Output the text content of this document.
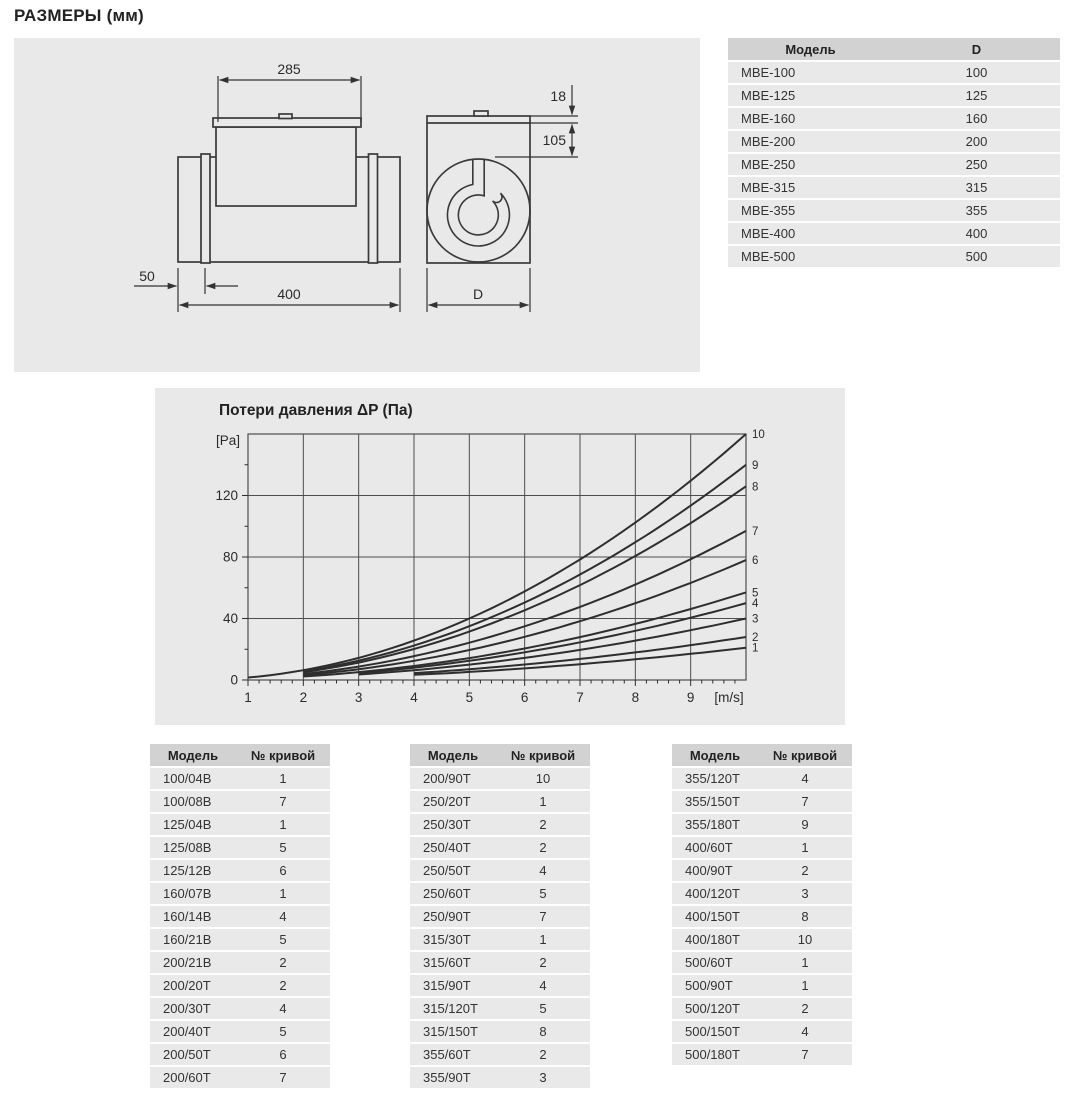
РАЗМЕРЫ (мм)
285
400
50
18
105
D
Модель	D
MBE-100	100
MBE-125	125
MBE-160	160
MBE-200	200
MBE-250	250
MBE-315	315
MBE-355	355
MBE-400	400
MBE-500	500
Потери давления ΔP (Па)
1	2	3	4	5	6	7	8	9
0
40
80
120
[Pa]
[m/s]
1
2
3
4
5
6
7
8
9
10
Модель	№ кривой
100/04B	1
100/08B	7
125/04B	1
125/08B	5
125/12B	6
160/07B	1
160/14B	4
160/21B	5
200/21B	2
200/20T	2
200/30T	4
200/40T	5
200/50T	6
200/60T	7
Модель	№ кривой
200/90T	10
250/20T	1
250/30T	2
250/40T	2
250/50T	4
250/60T	5
250/90T	7
315/30T	1
315/60T	2
315/90T	4
315/120T	5
315/150T	8
355/60T	2
355/90T	3
Модель	№ кривой
355/120T	4
355/150T	7
355/180T	9
400/60T	1
400/90T	2
400/120T	3
400/150T	8
400/180T	10
500/60T	1
500/90T	1
500/120T	2
500/150T	4
500/180T	7
